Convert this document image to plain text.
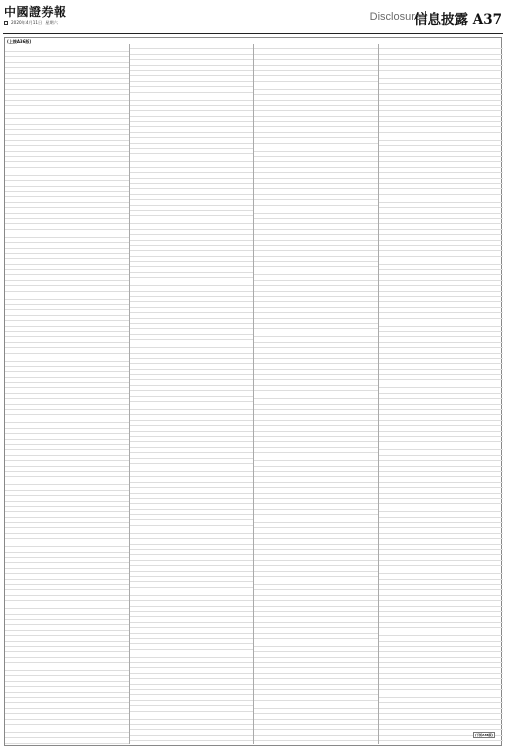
中國證券報
2020年4月11日 星期六	Disclosure
信息披露 A37
(上接A36版)
(下转A38版)
